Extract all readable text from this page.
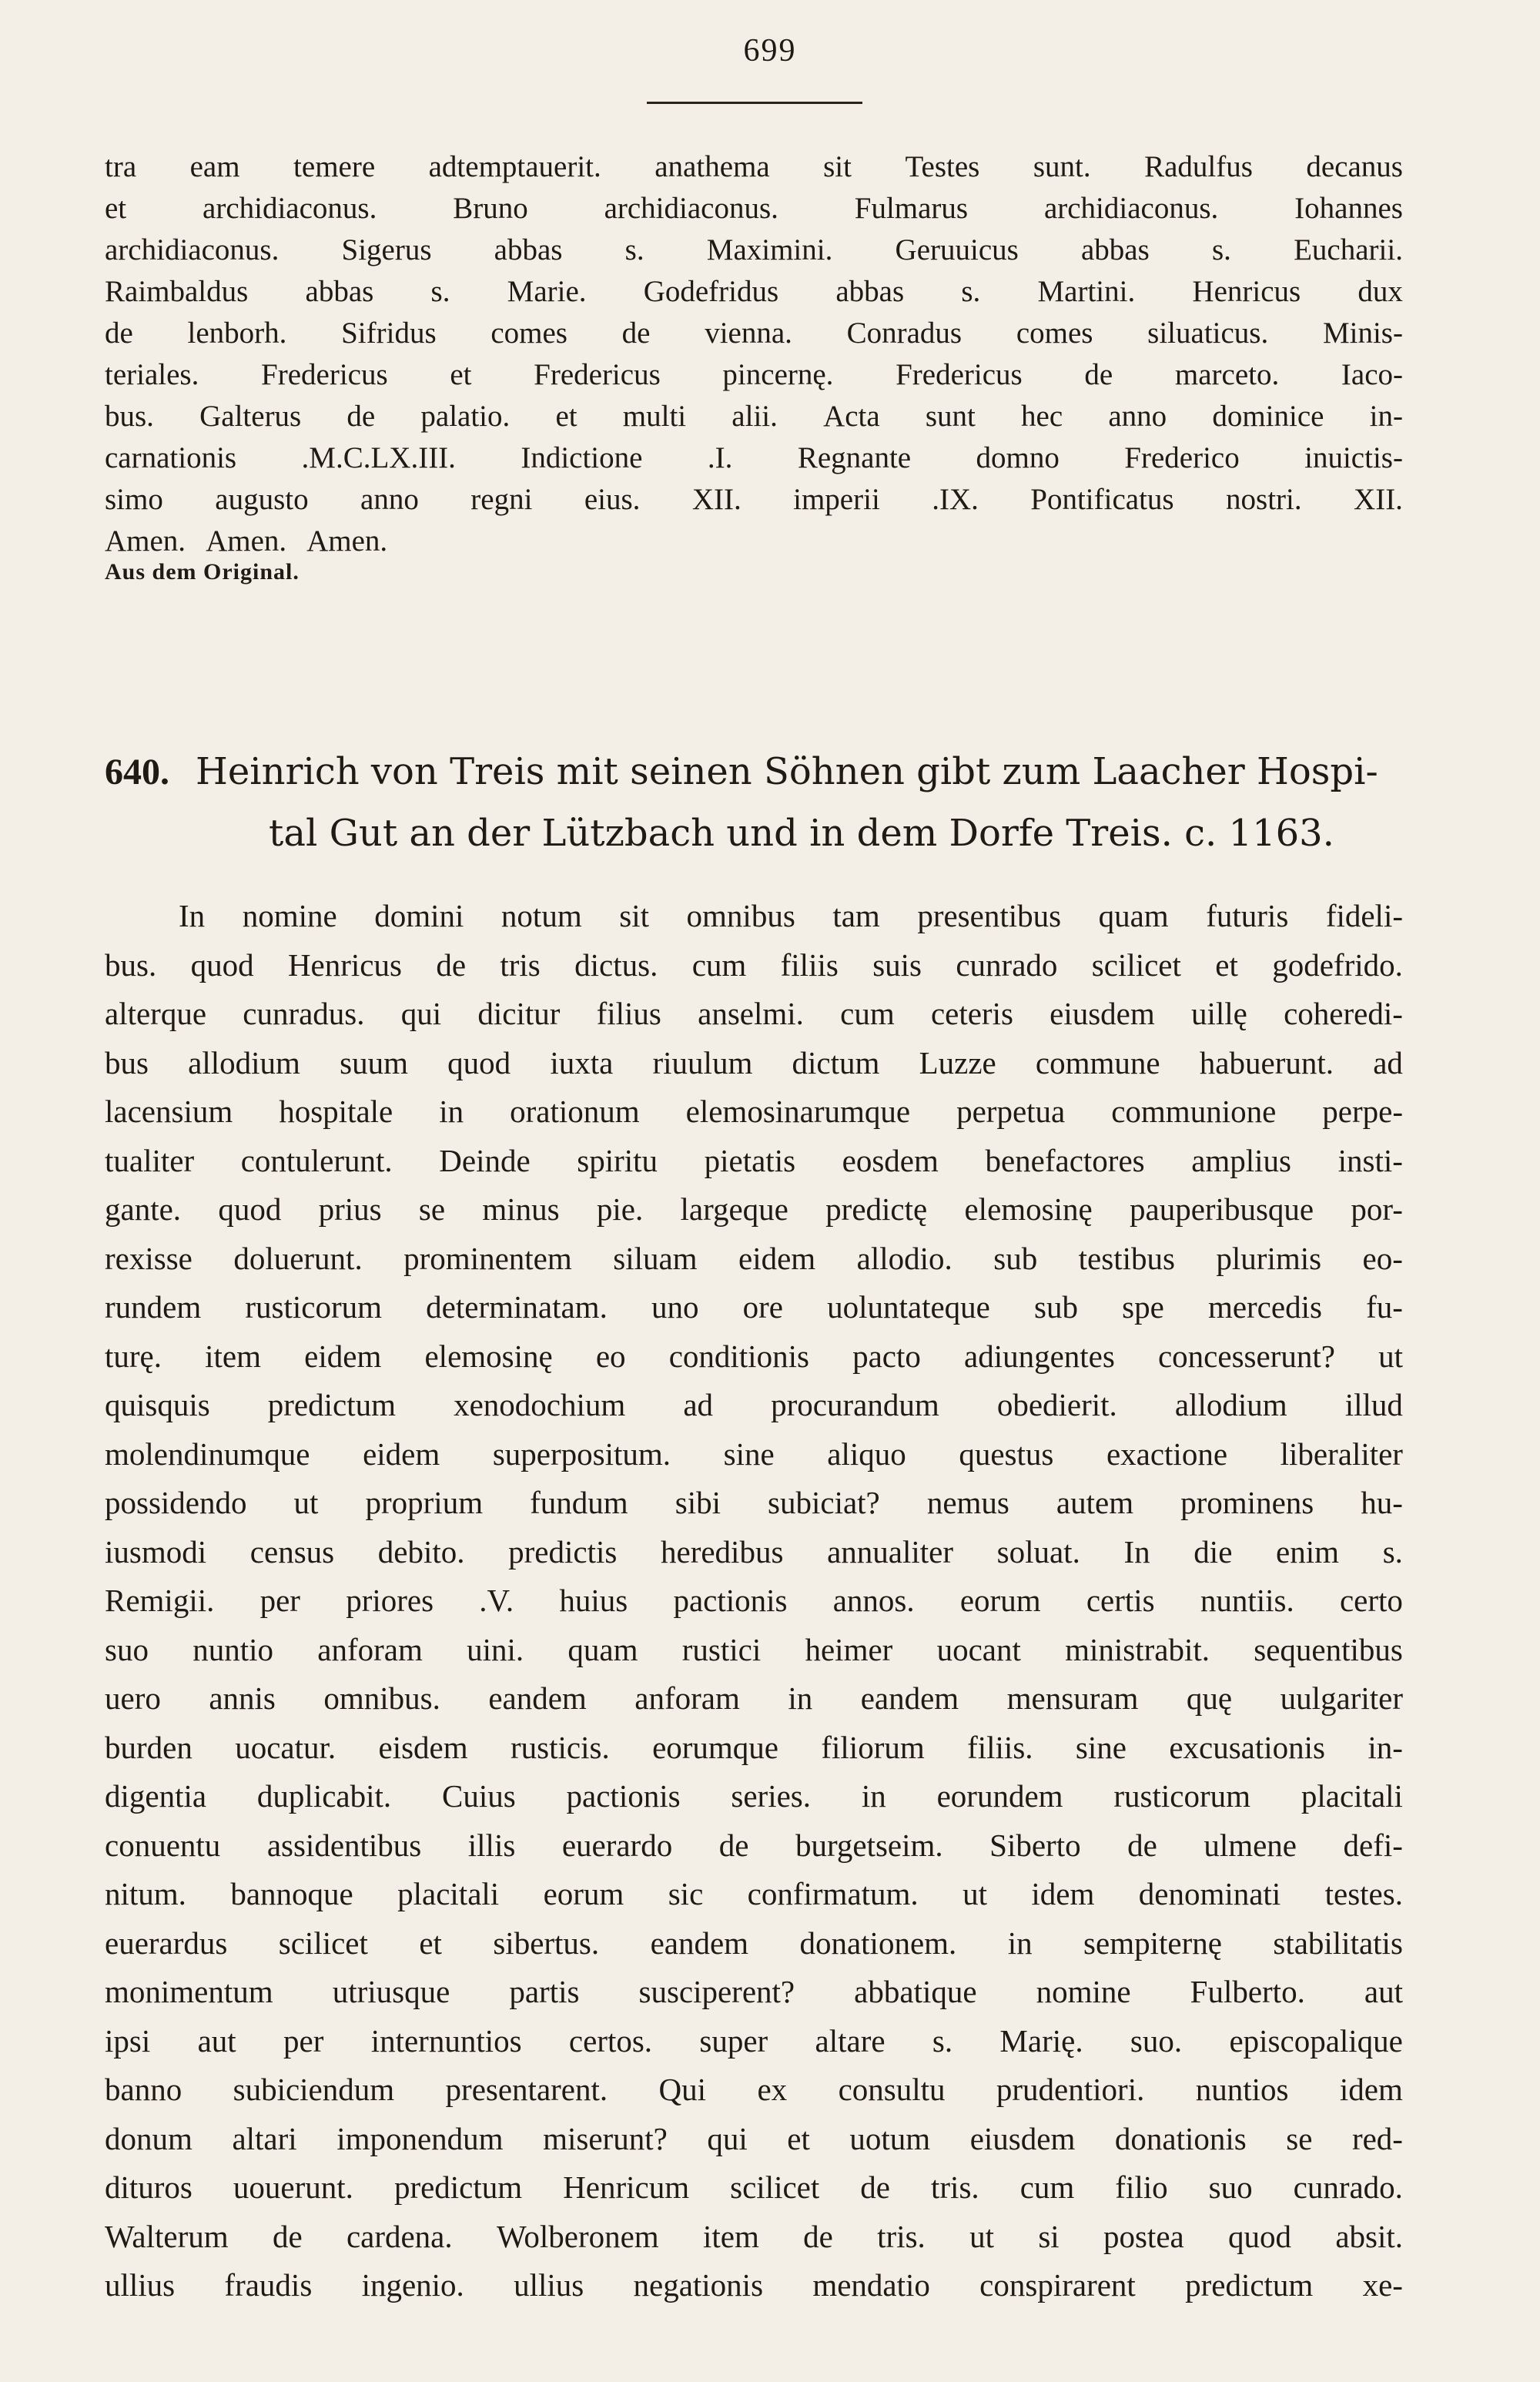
699
tra eam temere adtemptauerit. anathema sit Testes sunt. Radulfus decanus
et	archidiaconus.	Bruno	archidiaconus.	Fulmarus	archidiaconus.	Iohannes
archidiaconus. Sigerus abbas s. Maximini. Geruuicus abbas s. Eucharii.
Raimbaldus abbas s. Marie. Godefridus abbas s. Martini. Henricus dux
de lenborh. Sifridus comes de vienna. Conradus comes siluaticus. Minis-
teriales. Fredericus et Fredericus pincernę. Fredericus de marceto. Iaco-
bus. Galterus de palatio. et multi alii. Acta sunt hec anno dominice in-
carnationis .M.C.LX.III. Indictione .I. Regnante domno Frederico inuictis-
simo augusto anno regni eius. XII. imperii .IX. Pontificatus nostri. XII.
Amen. Amen. Amen.
Aus dem Original.
640. Heinrich von Treis mit seinen Söhnen gibt zum Laacher Hospi-
tal Gut an der Lützbach und in dem Dorfe Treis. c. 1163.
In nomine domini notum sit omnibus tam presentibus quam futuris fideli-
bus. quod Henricus de tris dictus. cum filiis suis cunrado scilicet et godefrido.
alterque cunradus. qui dicitur filius anselmi. cum ceteris eiusdem uillę coheredi-
bus allodium suum quod iuxta riuulum dictum Luzze commune habuerunt. ad
lacensium hospitale in orationum elemosinarumque perpetua communione perpe-
tualiter contulerunt. Deinde spiritu pietatis eosdem benefactores amplius insti-
gante. quod prius se minus pie. largeque predictę elemosinę pauperibusque por-
rexisse doluerunt. prominentem siluam eidem allodio. sub testibus plurimis eo-
rundem rusticorum determinatam. uno ore uoluntateque sub spe mercedis fu-
turę. item eidem elemosinę eo conditionis pacto adiungentes concesserunt? ut
quisquis predictum xenodochium ad procurandum obedierit. allodium illud
molendinumque eidem superpositum. sine aliquo questus exactione liberaliter
possidendo ut proprium fundum sibi subiciat? nemus autem prominens hu-
iusmodi census debito. predictis heredibus annualiter soluat. In die enim s.
Remigii. per priores .V. huius pactionis annos. eorum certis nuntiis. certo
suo nuntio anforam uini. quam rustici heimer uocant ministrabit. sequentibus
uero annis omnibus. eandem anforam in eandem mensuram quę uulgariter
burden uocatur. eisdem rusticis. eorumque filiorum filiis. sine excusationis in-
digentia duplicabit. Cuius pactionis series. in eorundem rusticorum placitali
conuentu assidentibus illis euerardo de burgetseim. Siberto de ulmene defi-
nitum. bannoque placitali eorum sic confirmatum. ut idem denominati testes.
euerardus scilicet et sibertus. eandem donationem. in sempiternę stabilitatis
monimentum utriusque partis susciperent? abbatique nomine Fulberto. aut
ipsi aut per internuntios certos. super altare s. Marię. suo. episcopalique
banno subiciendum presentarent. Qui ex consultu prudentiori. nuntios idem
donum altari imponendum miserunt? qui et uotum eiusdem donationis se red-
dituros uouerunt. predictum Henricum scilicet de tris. cum filio suo cunrado.
Walterum de cardena. Wolberonem item de tris. ut si postea quod absit.
ullius fraudis ingenio. ullius negationis mendatio conspirarent predictum xe-
